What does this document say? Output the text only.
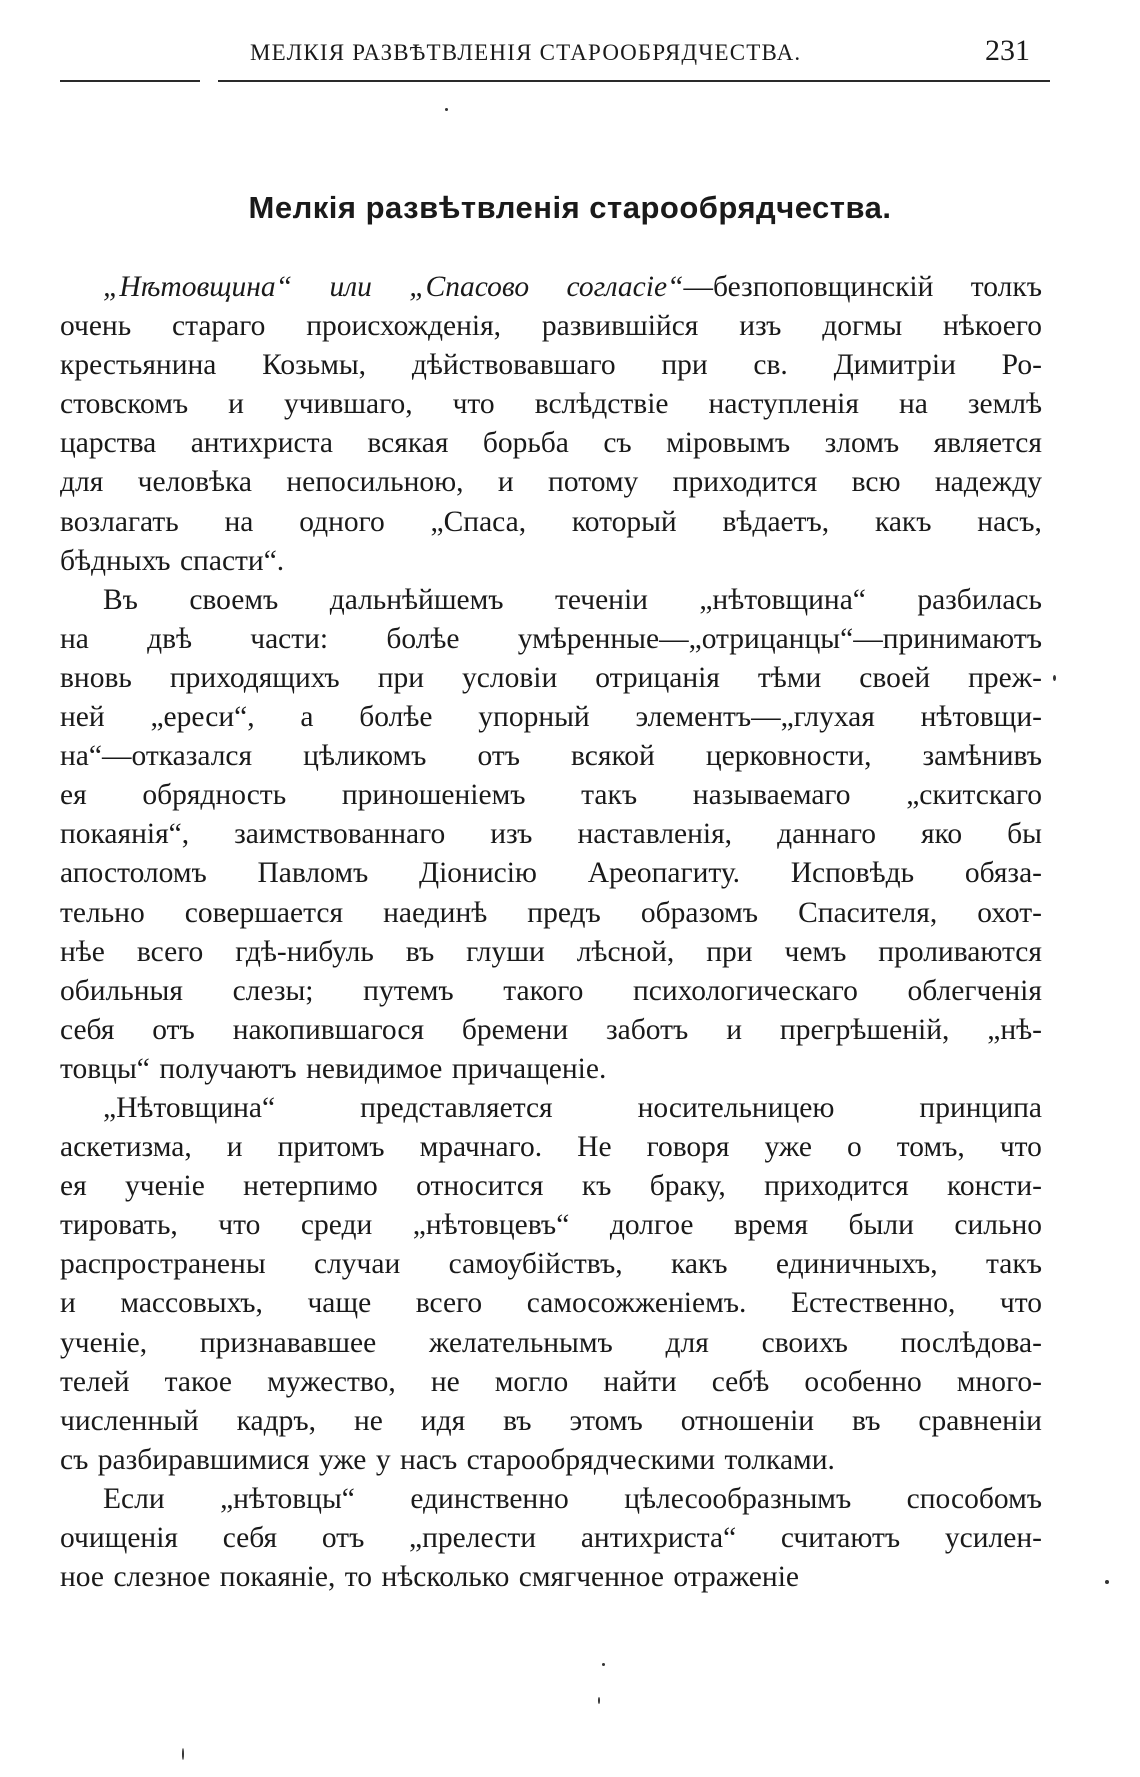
МЕЛКІЯ РАЗВѢТВЛЕНІЯ СТАРООБРЯДЧЕСТВА.	231
Мелкія развѣтвленія старообрядчества.
„Нѣтовщина“ или „Спасово согласіе“—безпоповщинскій толкъ
очень стараго происхожденія, развившійся изъ догмы нѣкоего
крестьянина Козьмы, дѣйствовавшаго при св. Димитріи Ро-
стовскомъ и учившаго, что вслѣдствіе наступленія на землѣ
царства антихриста всякая борьба съ міровымъ зломъ является
для человѣка непосильною, и потому приходится всю надежду
возлагать на одного „Спаса, который вѣдаетъ, какъ насъ,
бѣдныхъ спасти“.
Въ своемъ дальнѣйшемъ теченіи „нѣтовщина“ разбилась
на двѣ части: болѣе умѣренные—„отрицанцы“—принимаютъ
вновь приходящихъ при условіи отрицанія тѣми своей преж-
ней „ереси“, а болѣе упорный элементъ—„глухая нѣтовщи-
на“—отказался цѣликомъ отъ всякой церковности, замѣнивъ
ея обрядность приношеніемъ такъ называемаго „скитскаго
покаянія“, заимствованнаго изъ наставленія, даннаго яко бы
апостоломъ Павломъ Діонисію Ареопагиту. Исповѣдь обяза-
тельно совершается наединѣ предъ образомъ Спасителя, охот-
нѣе всего гдѣ-нибуль въ глуши лѣсной, при чемъ проливаются
обильныя слезы; путемъ такого психологическаго облегченія
себя отъ накопившагося бремени заботъ и прегрѣшеній, „нѣ-
товцы“ получаютъ невидимое причащеніе.
„Нѣтовщина“	представляется	носительницею	принципа
аскетизма, и притомъ мрачнаго. Не говоря уже о томъ, что
ея ученіе нетерпимо относится къ браку, приходится консти-
тировать, что среди „нѣтовцевъ“ долгое время были сильно
распространены случаи самоубійствъ, какъ единичныхъ, такъ
и массовыхъ, чаще всего самосожженіемъ. Естественно, что
ученіе, признававшее желательнымъ для своихъ послѣдова-
телей такое мужество, не могло найти себѣ особенно много-
численный кадръ, не идя въ этомъ отношеніи въ сравненіи
съ разбиравшимися уже у насъ старообрядческими толками.
Если „нѣтовцы“ единственно цѣлесообразнымъ способомъ
очищенія себя отъ „прелести антихриста“ считаютъ усилен-
ное слезное покаяніе, то нѣсколько смягченное отраженіе
